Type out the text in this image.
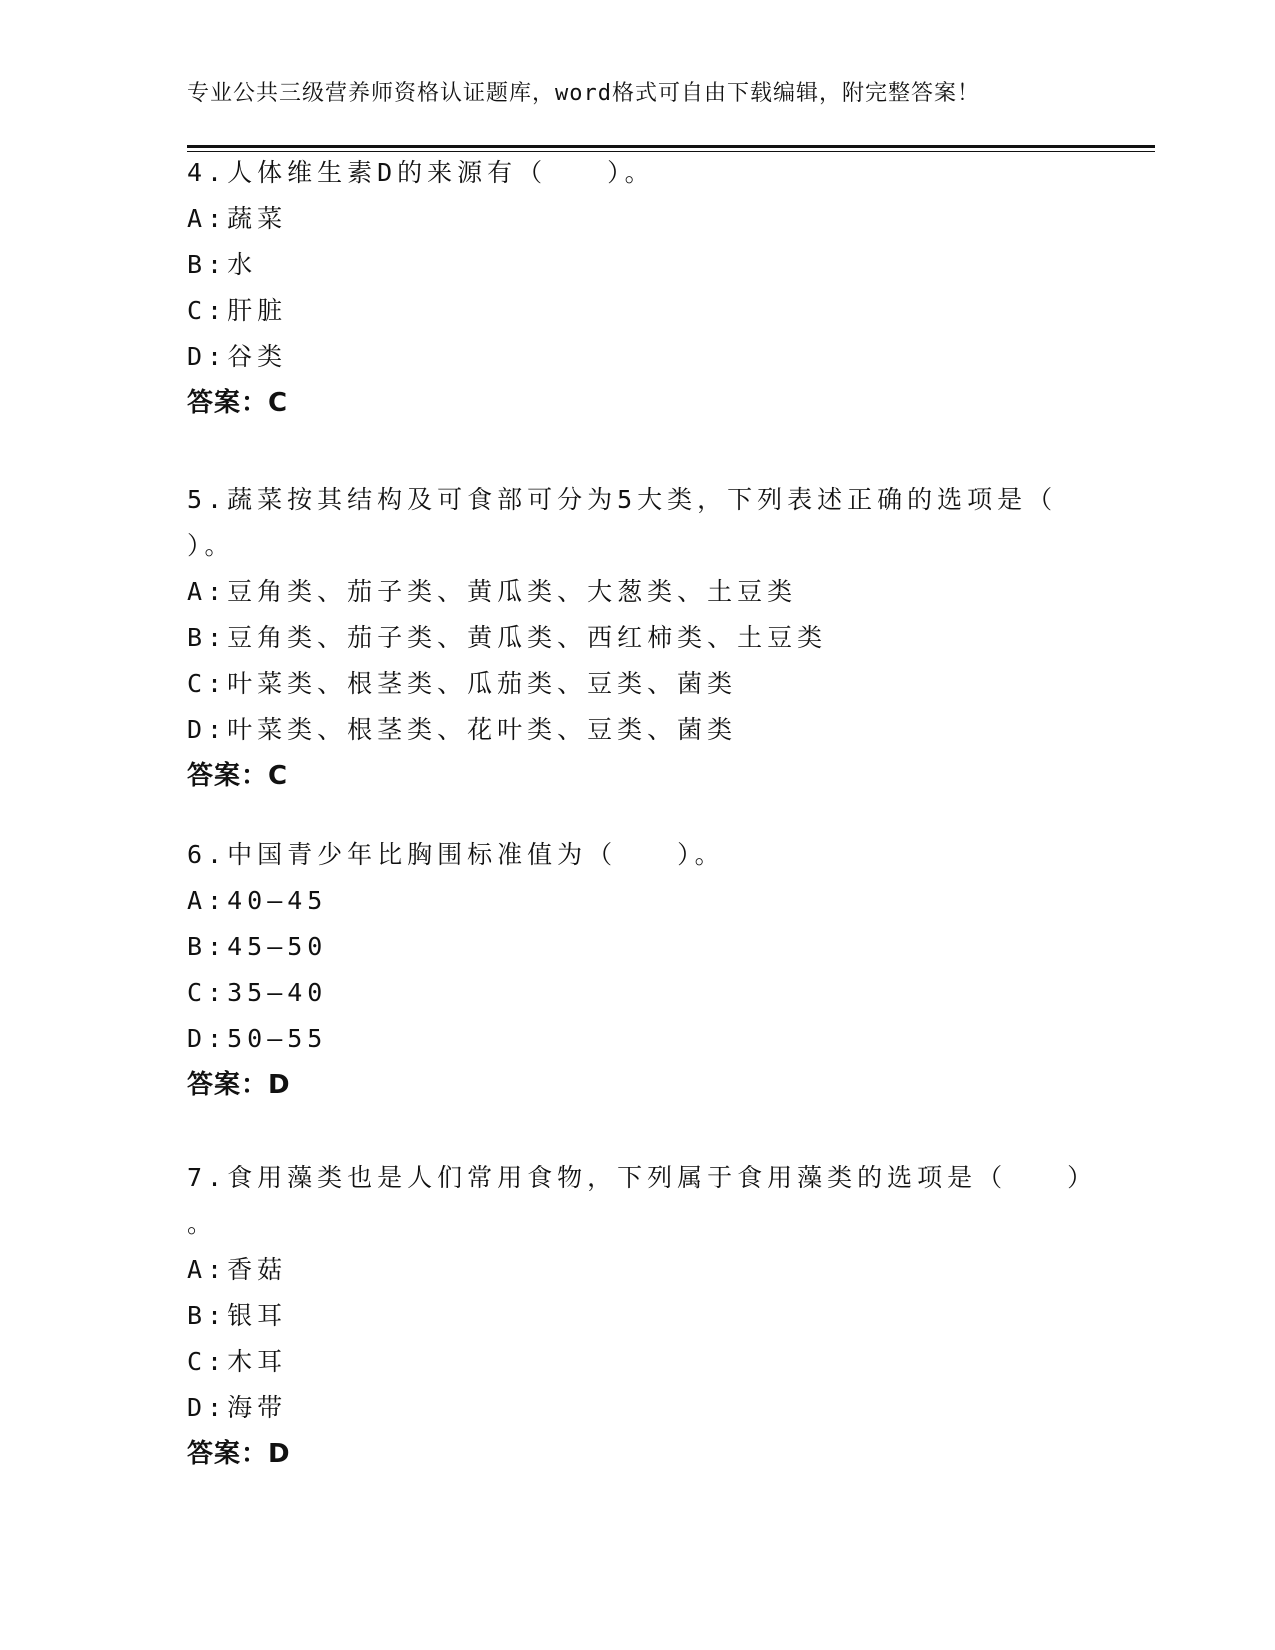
专业公共三级营养师资格认证题库，word格式可自由下载编辑，附完整答案！
4.人体维生素D的来源有（　　）。
A:蔬菜
B:水
C:肝脏
D:谷类
答案：C
5.蔬菜按其结构及可食部可分为5大类，下列表述正确的选项是（
）。
A:豆角类、茄子类、黄瓜类、大葱类、土豆类
B:豆角类、茄子类、黄瓜类、西红柿类、土豆类
C:叶菜类、根茎类、瓜茄类、豆类、菌类
D:叶菜类、根茎类、花叶类、豆类、菌类
答案：C
6.中国青少年比胸围标准值为（　　）。
A:40—45
B:45—50
C:35—40
D:50—55
答案：D
7.食用藻类也是人们常用食物，下列属于食用藻类的选项是（　　）
。
A:香菇
B:银耳
C:木耳
D:海带
答案：D
